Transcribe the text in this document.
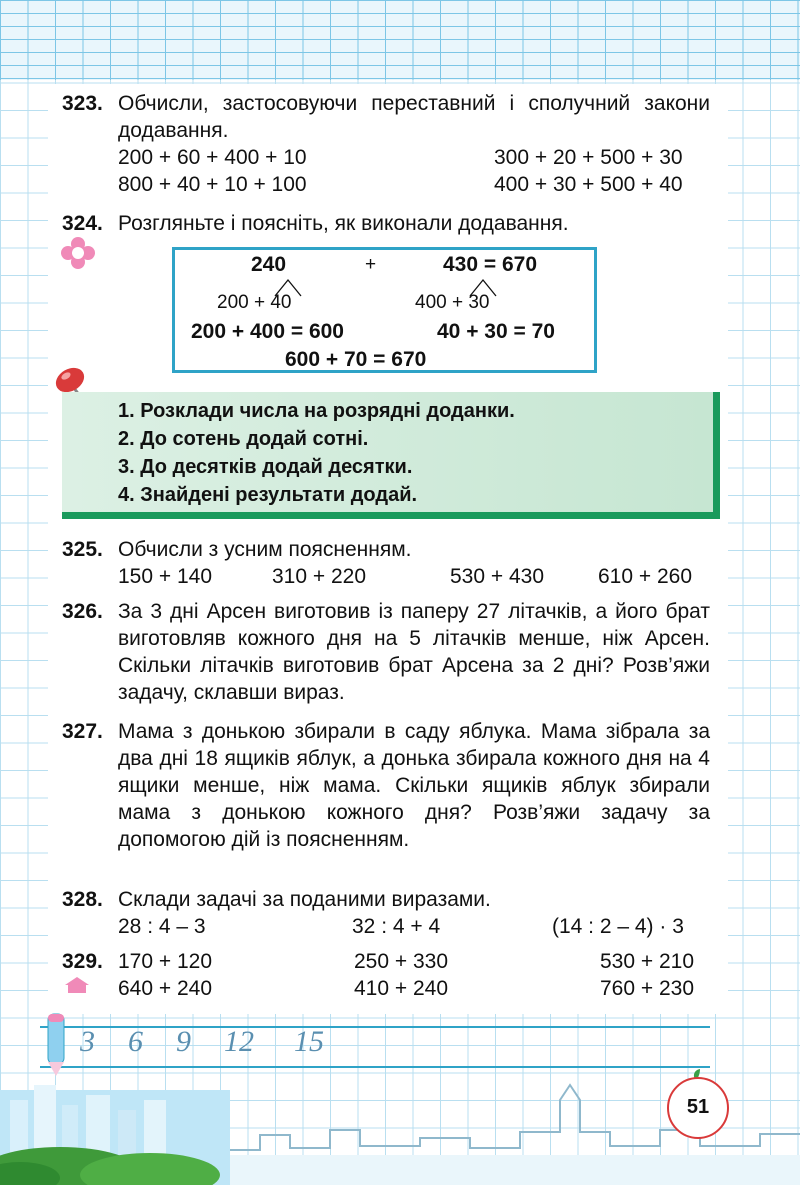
323. Обчисли, застосовуючи переставний і сполучний закони додавання.
200 + 60 + 400 + 10	300 + 20 + 500 + 30
800 + 40 + 10 + 100	400 + 30 + 500 + 40
324. Розгляньте і поясніть, як виконали додавання.
240	+	430 = 670
200 + 40	400 + 30
200 + 400 = 600	40 + 30 = 70
600 + 70 = 670
1. Розклади числа на розрядні доданки.
2. До сотень додай сотні.
3. До десятків додай десятки.
4. Знайдені результати додай.
325. Обчисли з усним поясненням.
150 + 140	310 + 220	530 + 430	610 + 260
326. За 3 дні Арсен виготовив із паперу 27 літачків, а його брат виготовляв кожного дня на 5 літачків менше, ніж Арсен. Скільки літачків виготовив брат Арсена за 2 дні? Розв’яжи задачу, склавши вираз.
327. Мама з донькою збирали в саду яблука. Мама зібрала за два дні 18 ящиків яблук, а донька збирала кожного дня на 4 ящики менше, ніж мама. Скільки ящиків яблук збирали мама з донькою кожного дня? Розв’яжи задачу за допомогою дій із поясненням.
328. Склади задачі за поданими виразами.
28 : 4 – 3	32 : 4 + 4	(14 : 2 – 4) · 3
329. 170 + 120	250 + 330	530 + 210
640 + 240	410 + 240	760 + 230
3 6 9 12 15
51
